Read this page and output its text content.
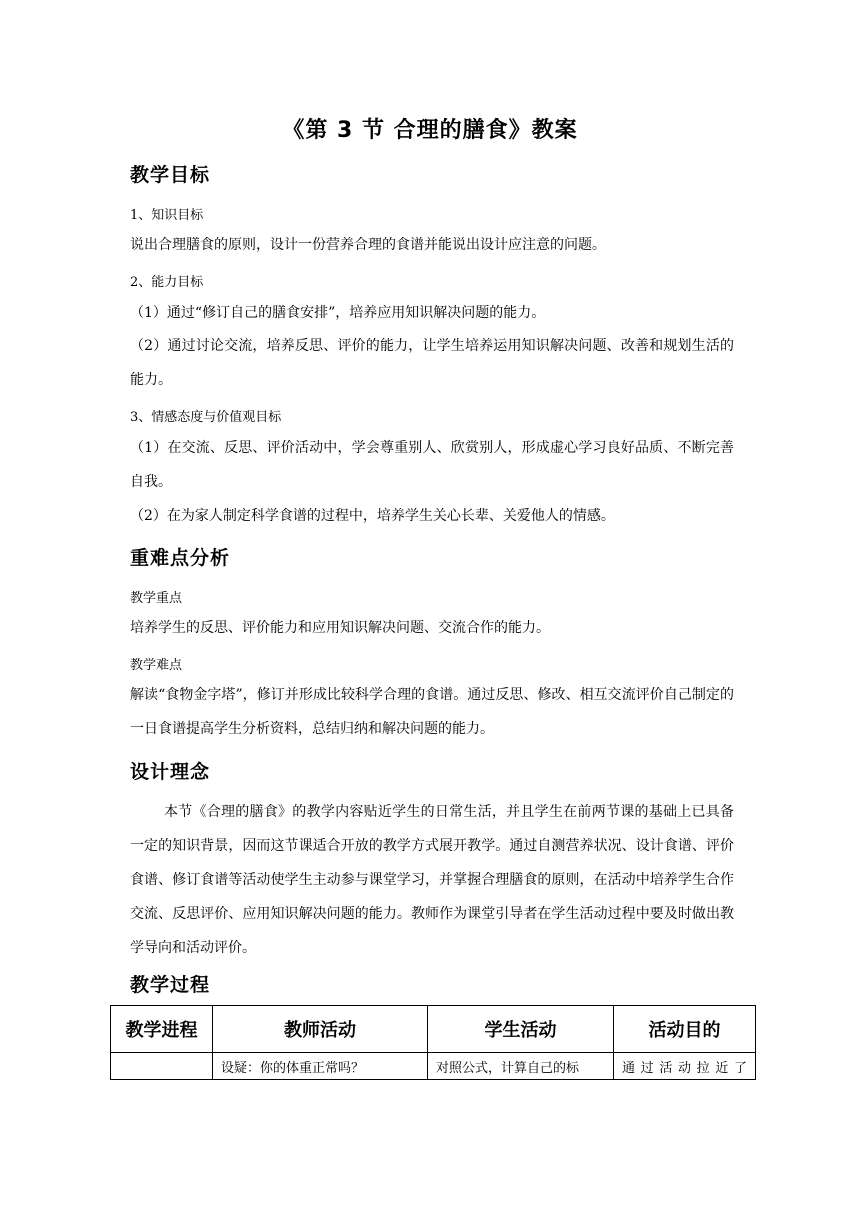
《第 3 节 合理的膳食》教案
教学目标
1、知识目标
说出合理膳食的原则，设计一份营养合理的食谱并能说出设计应注意的问题。
2、能力目标
（1）通过“修订自己的膳食安排”，培养应用知识解决问题的能力。
（2）通过讨论交流，培养反思、评价的能力，让学生培养运用知识解决问题、改善和规划生活的能力。
3、情感态度与价值观目标
（1）在交流、反思、评价活动中，学会尊重别人、欣赏别人，形成虚心学习良好品质、不断完善自我。
（2）在为家人制定科学食谱的过程中，培养学生关心长辈、关爱他人的情感。
重难点分析
教学重点
培养学生的反思、评价能力和应用知识解决问题、交流合作的能力。
教学难点
解读“食物金字塔”，修订并形成比较科学合理的食谱。通过反思、修改、相互交流评价自己制定的一日食谱提高学生分析资料，总结归纳和解决问题的能力。
设计理念
本节《合理的膳食》的教学内容贴近学生的日常生活，并且学生在前两节课的基础上已具备一定的知识背景，因而这节课适合开放的教学方式展开教学。通过自测营养状况、设计食谱、评价食谱、修订食谱等活动使学生主动参与课堂学习，并掌握合理膳食的原则，在活动中培养学生合作交流、反思评价、应用知识解决问题的能力。教师作为课堂引导者在学生活动过程中要及时做出教学导向和活动评价。
教学过程
教学进程	教师活动	学生活动	活动目的
	设疑：你的体重正常吗？	对照公式，计算自己的标	通过活动拉近了
